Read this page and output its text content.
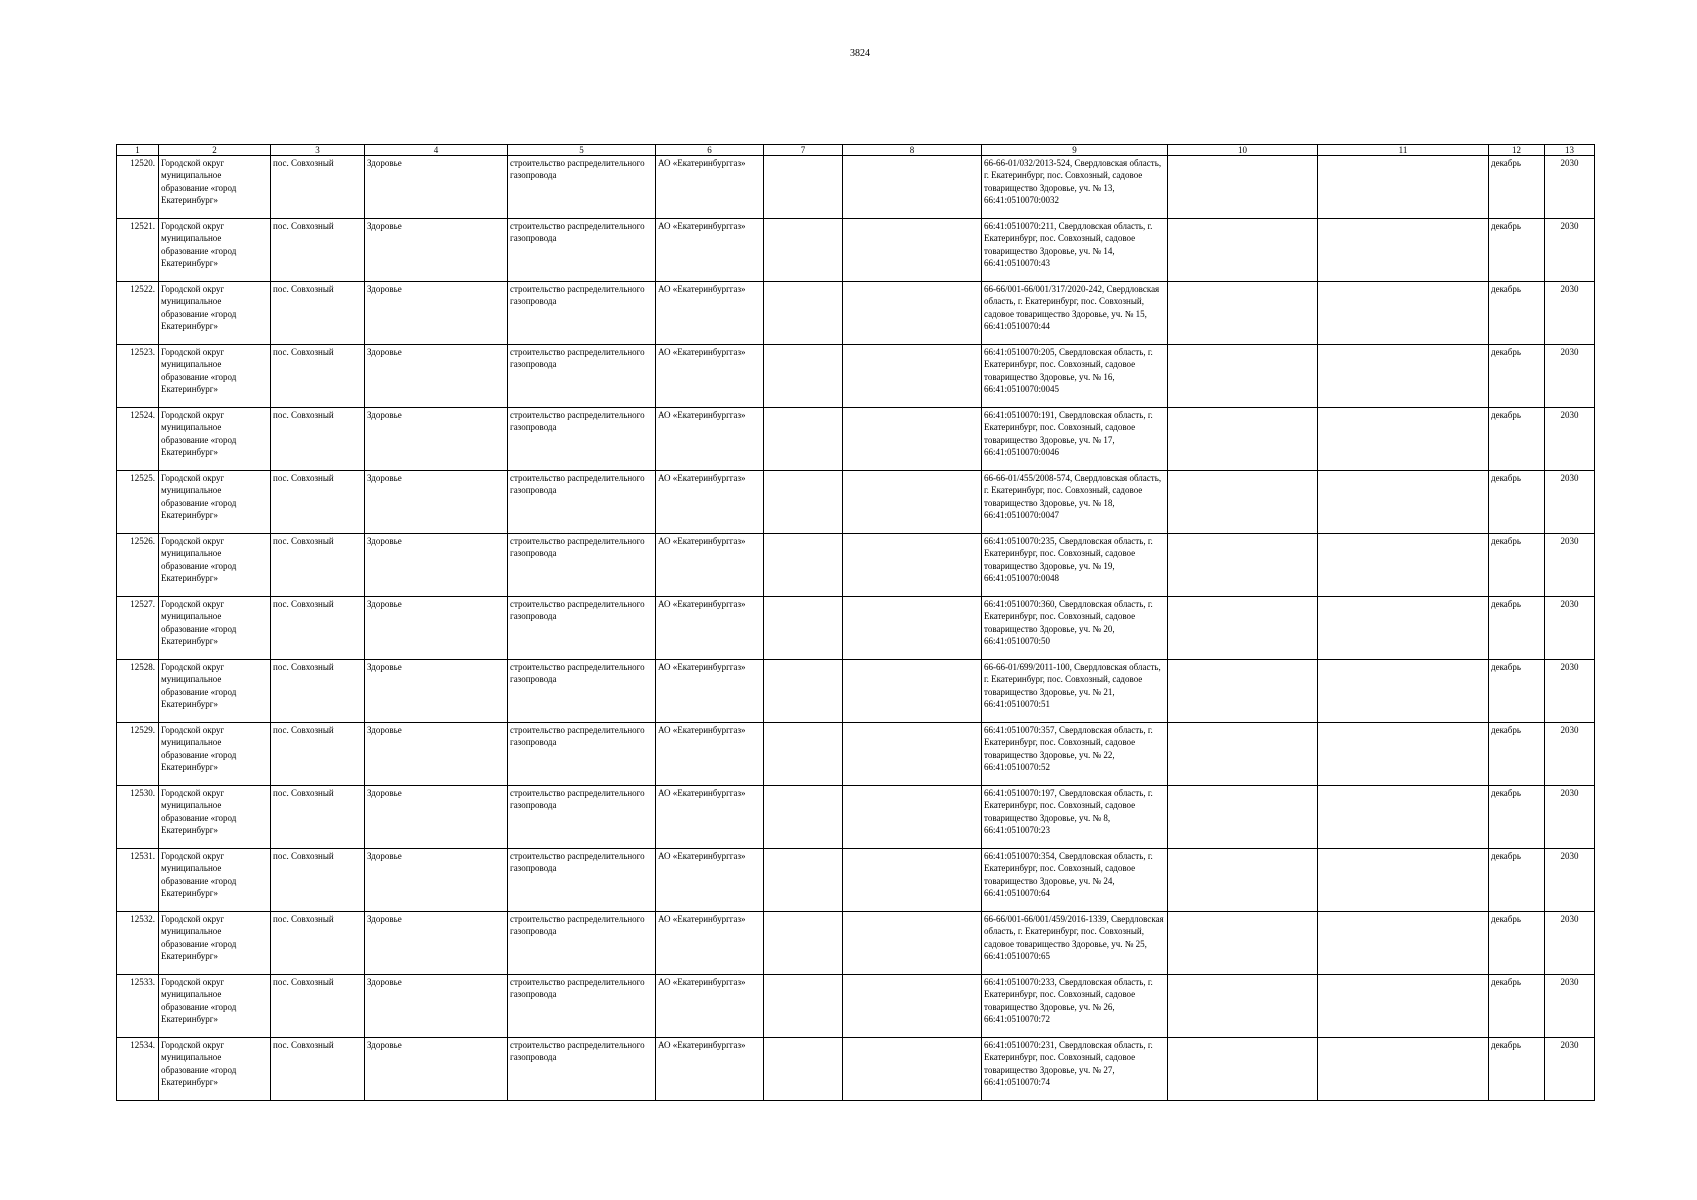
3824
1	2	3	4	5	6	7	8	9	10	11	12	13
12520.	Городской округ муниципальное образование «город Екатеринбург»	пос. Совхозный	Здоровье	строительство распределительного газопровода	АО «Екатеринбурггаз»			66-66-01/032/2013-524, Свердловская область, г. Екатеринбург, пос. Совхозный, садовое товарищество Здоровье, уч. № 13, 66:41:0510070:0032			декабрь	2030
12521.	Городской округ муниципальное образование «город Екатеринбург»	пос. Совхозный	Здоровье	строительство распределительного газопровода	АО «Екатеринбурггаз»			66:41:0510070:211, Свердловская область, г. Екатеринбург, пос. Совхозный, садовое товарищество Здоровье, уч. № 14, 66:41:0510070:43			декабрь	2030
12522.	Городской округ муниципальное образование «город Екатеринбург»	пос. Совхозный	Здоровье	строительство распределительного газопровода	АО «Екатеринбурггаз»			66-66/001-66/001/317/2020-242, Свердловская область, г. Екатеринбург, пос. Совхозный, садовое товарищество Здоровье, уч. № 15, 66:41:0510070:44			декабрь	2030
12523.	Городской округ муниципальное образование «город Екатеринбург»	пос. Совхозный	Здоровье	строительство распределительного газопровода	АО «Екатеринбурггаз»			66:41:0510070:205, Свердловская область, г. Екатеринбург, пос. Совхозный, садовое товарищество Здоровье, уч. № 16, 66:41:0510070:0045			декабрь	2030
12524.	Городской округ муниципальное образование «город Екатеринбург»	пос. Совхозный	Здоровье	строительство распределительного газопровода	АО «Екатеринбурггаз»			66:41:0510070:191, Свердловская область, г. Екатеринбург, пос. Совхозный, садовое товарищество Здоровье, уч. № 17, 66:41:0510070:0046			декабрь	2030
12525.	Городской округ муниципальное образование «город Екатеринбург»	пос. Совхозный	Здоровье	строительство распределительного газопровода	АО «Екатеринбурггаз»			66-66-01/455/2008-574, Свердловская область, г. Екатеринбург, пос. Совхозный, садовое товарищество Здоровье, уч. № 18, 66:41:0510070:0047			декабрь	2030
12526.	Городской округ муниципальное образование «город Екатеринбург»	пос. Совхозный	Здоровье	строительство распределительного газопровода	АО «Екатеринбурггаз»			66:41:0510070:235, Свердловская область, г. Екатеринбург, пос. Совхозный, садовое товарищество Здоровье, уч. № 19, 66:41:0510070:0048			декабрь	2030
12527.	Городской округ муниципальное образование «город Екатеринбург»	пос. Совхозный	Здоровье	строительство распределительного газопровода	АО «Екатеринбурггаз»			66:41:0510070:360, Свердловская область, г. Екатеринбург, пос. Совхозный, садовое товарищество Здоровье, уч. № 20, 66:41:0510070:50			декабрь	2030
12528.	Городской округ муниципальное образование «город Екатеринбург»	пос. Совхозный	Здоровье	строительство распределительного газопровода	АО «Екатеринбурггаз»			66-66-01/699/2011-100, Свердловская область, г. Екатеринбург, пос. Совхозный, садовое товарищество Здоровье, уч. № 21, 66:41:0510070:51			декабрь	2030
12529.	Городской округ муниципальное образование «город Екатеринбург»	пос. Совхозный	Здоровье	строительство распределительного газопровода	АО «Екатеринбурггаз»			66:41:0510070:357, Свердловская область, г. Екатеринбург, пос. Совхозный, садовое товарищество Здоровье, уч. № 22, 66:41:0510070:52			декабрь	2030
12530.	Городской округ муниципальное образование «город Екатеринбург»	пос. Совхозный	Здоровье	строительство распределительного газопровода	АО «Екатеринбурггаз»			66:41:0510070:197, Свердловская область, г. Екатеринбург, пос. Совхозный, садовое товарищество Здоровье, уч. № 8, 66:41:0510070:23			декабрь	2030
12531.	Городской округ муниципальное образование «город Екатеринбург»	пос. Совхозный	Здоровье	строительство распределительного газопровода	АО «Екатеринбурггаз»			66:41:0510070:354, Свердловская область, г. Екатеринбург, пос. Совхозный, садовое товарищество Здоровье, уч. № 24, 66:41:0510070:64			декабрь	2030
12532.	Городской округ муниципальное образование «город Екатеринбург»	пос. Совхозный	Здоровье	строительство распределительного газопровода	АО «Екатеринбурггаз»			66-66/001-66/001/459/2016-1339, Свердловская область, г. Екатеринбург, пос. Совхозный, садовое товарищество Здоровье, уч. № 25, 66:41:0510070:65			декабрь	2030
12533.	Городской округ муниципальное образование «город Екатеринбург»	пос. Совхозный	Здоровье	строительство распределительного газопровода	АО «Екатеринбурггаз»			66:41:0510070:233, Свердловская область, г. Екатеринбург, пос. Совхозный, садовое товарищество Здоровье, уч. № 26, 66:41:0510070:72			декабрь	2030
12534.	Городской округ муниципальное образование «город Екатеринбург»	пос. Совхозный	Здоровье	строительство распределительного газопровода	АО «Екатеринбурггаз»			66:41:0510070:231, Свердловская область, г. Екатеринбург, пос. Совхозный, садовое товарищество Здоровье, уч. № 27, 66:41:0510070:74			декабрь	2030
